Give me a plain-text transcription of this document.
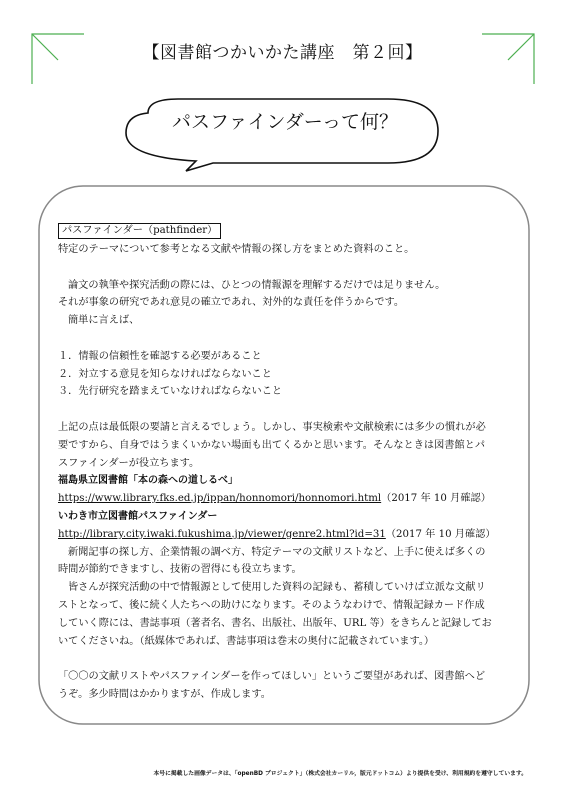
【図書館つかいかた講座　第２回】
パスファインダーって何？

パスファインダー（pathfinder）

特定のテーマについて参考となる文献や情報の探し方をまとめた資料のこと。

論文の執筆や探究活動の際には、ひとつの情報源を理解するだけでは足りません。

それが事象の研究であれ意見の確立であれ、対外的な責任を伴うからです。

簡単に言えば、

１．情報の信頼性を確認する必要があること

２．対立する意見を知らなければならないこと

３．先行研究を踏まえていなければならないこと

上記の点は最低限の要請と言えるでしょう。しかし、事実検索や文献検索には多少の慣れが必

要ですから、自身ではうまくいかない場面も出てくるかと思います。そんなときは図書館とパ

スファインダーが役立ちます。

福島県立図書館「本の森への道しるべ」

https://www.library.fks.ed.jp/ippan/honnomori/honnomori.html（2017 年 10 月確認）

いわき市立図書館パスファインダー

http://library.city.iwaki.fukushima.jp/viewer/genre2.html?id=31（2017 年 10 月確認）

新聞記事の探し方、企業情報の調べ方、特定テーマの文献リストなど、上手に使えば多くの

時間が節約できますし、技術の習得にも役立ちます。

皆さんが探究活動の中で情報源として使用した資料の記録も、蓄積していけば立派な文献リ

ストとなって、後に続く人たちへの助けになります。そのようなわけで、情報記録カード作成

していく際には、書誌事項（著者名、書名、出版社、出版年、URL 等）をきちんと記録してお

いてくださいね。（紙媒体であれば、書誌事項は巻末の奥付に記載されています。）

「〇〇の文献リストやパスファインダーを作ってほしい」というご要望があれば、図書館へど

うぞ。多少時間はかかりますが、作成します。

本号に掲載した画像データは、「openBD プロジェクト」（株式会社カーリル，版元ドットコム）より提供を受け、利用規約を遵守しています。
